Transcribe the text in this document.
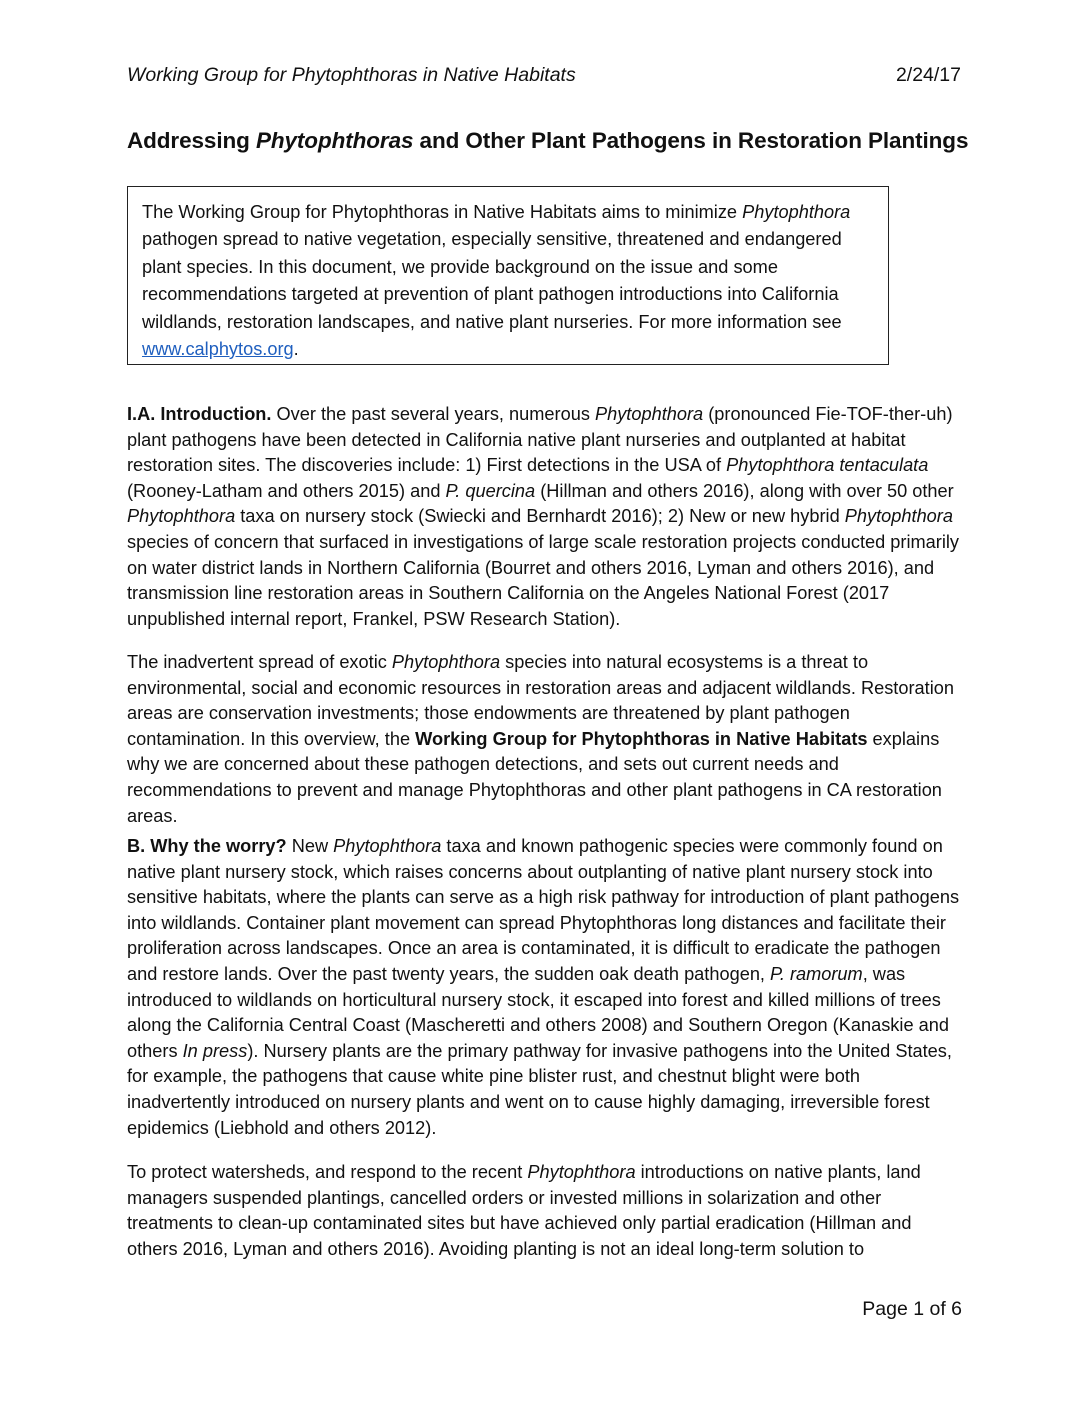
Working Group for Phytophthoras in Native Habitats	2/24/17
Addressing Phytophthoras and Other Plant Pathogens in Restoration Plantings
The Working Group for Phytophthoras in Native Habitats aims to minimize Phytophthora pathogen spread to native vegetation, especially sensitive, threatened and endangered plant species. In this document, we provide background on the issue and some recommendations targeted at prevention of plant pathogen introductions into California wildlands, restoration landscapes, and native plant nurseries. For more information see www.calphytos.org.

I.A. Introduction. Over the past several years, numerous Phytophthora (pronounced Fie-TOF-ther-uh) plant pathogens have been detected in California native plant nurseries and outplanted at habitat restoration sites. The discoveries include: 1) First detections in the USA of Phytophthora tentaculata (Rooney-Latham and others 2015) and P. quercina (Hillman and others 2016), along with over 50 other Phytophthora taxa on nursery stock (Swiecki and Bernhardt 2016); 2) New or new hybrid Phytophthora species of concern that surfaced in investigations of large scale restoration projects conducted primarily on water district lands in Northern California (Bourret and others 2016, Lyman and others 2016), and transmission line restoration areas in Southern California on the Angeles National Forest (2017 unpublished internal report, Frankel, PSW Research Station).

The inadvertent spread of exotic Phytophthora species into natural ecosystems is a threat to environmental, social and economic resources in restoration areas and adjacent wildlands. Restoration areas are conservation investments; those endowments are threatened by plant pathogen contamination. In this overview, the Working Group for Phytophthoras in Native Habitats explains why we are concerned about these pathogen detections, and sets out current needs and recommendations to prevent and manage Phytophthoras and other plant pathogens in CA restoration areas.

B. Why the worry? New Phytophthora taxa and known pathogenic species were commonly found on native plant nursery stock, which raises concerns about outplanting of native plant nursery stock into sensitive habitats, where the plants can serve as a high risk pathway for introduction of plant pathogens into wildlands. Container plant movement can spread Phytophthoras long distances and facilitate their proliferation across landscapes. Once an area is contaminated, it is difficult to eradicate the pathogen and restore lands. Over the past twenty years, the sudden oak death pathogen, P. ramorum, was introduced to wildlands on horticultural nursery stock, it escaped into forest and killed millions of trees along the California Central Coast (Mascheretti and others 2008) and Southern Oregon (Kanaskie and others In press). Nursery plants are the primary pathway for invasive pathogens into the United States, for example, the pathogens that cause white pine blister rust, and chestnut blight were both inadvertently introduced on nursery plants and went on to cause highly damaging, irreversible forest epidemics (Liebhold and others 2012).

To protect watersheds, and respond to the recent Phytophthora introductions on native plants, land managers suspended plantings, cancelled orders or invested millions in solarization and other treatments to clean-up contaminated sites but have achieved only partial eradication (Hillman and others 2016, Lyman and others 2016). Avoiding planting is not an ideal long-term solution to

Page 1 of 6
